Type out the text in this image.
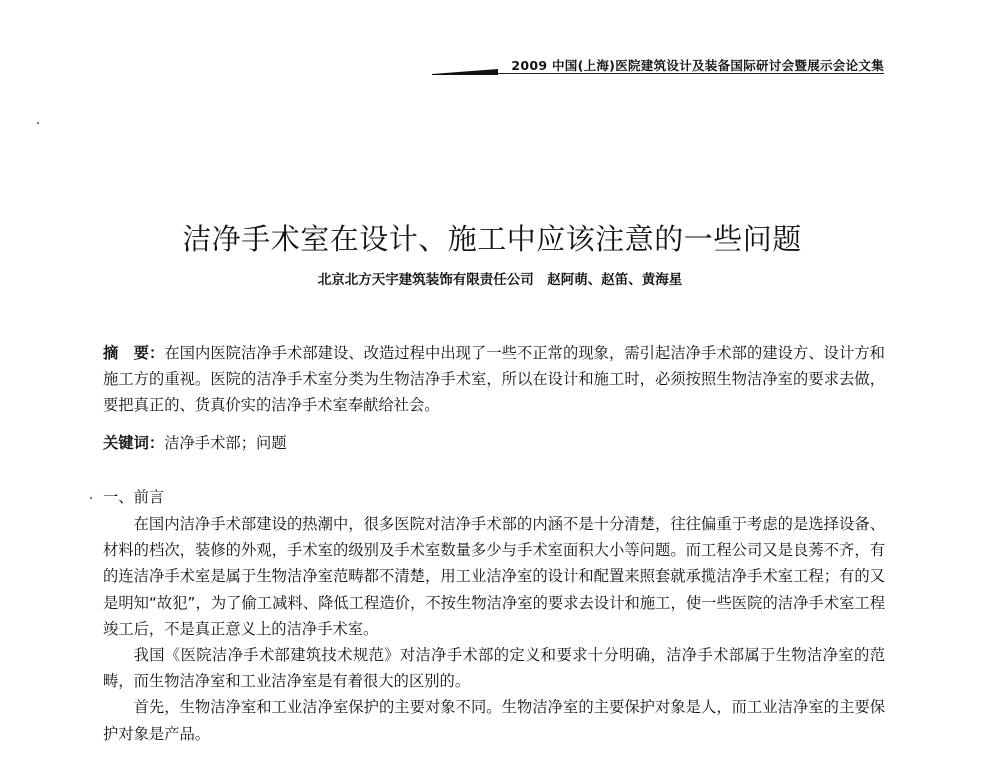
2009 中国(上海)医院建筑设计及装备国际研讨会暨展示会论文集
洁净手术室在设计、施工中应该注意的一些问题
北京北方天宇建筑装饰有限责任公司　赵阿萌、赵笛、黄海星
摘　要：在国内医院洁净手术部建设、改造过程中出现了一些不正常的现象，需引起洁净手术部的建设方、设计方和施工方的重视。医院的洁净手术室分类为生物洁净手术室，所以在设计和施工时，必须按照生物洁净室的要求去做，要把真正的、货真价实的洁净手术室奉献给社会。
关键词：洁净手术部；问题
一、前言

在国内洁净手术部建设的热潮中，很多医院对洁净手术部的内涵不是十分清楚，往往偏重于考虑的是选择设备、材料的档次，装修的外观，手术室的级别及手术室数量多少与手术室面积大小等问题。而工程公司又是良莠不齐，有的连洁净手术室是属于生物洁净室范畴都不清楚，用工业洁净室的设计和配置来照套就承揽洁净手术室工程；有的又是明知“故犯”，为了偷工减料、降低工程造价，不按生物洁净室的要求去设计和施工，使一些医院的洁净手术室工程竣工后，不是真正意义上的洁净手术室。

我国《医院洁净手术部建筑技术规范》对洁净手术部的定义和要求十分明确，洁净手术部属于生物洁净室的范畴，而生物洁净室和工业洁净室是有着很大的区别的。

首先，生物洁净室和工业洁净室保护的主要对象不同。生物洁净室的主要保护对象是人，而工业洁净室的主要保护对象是产品。
